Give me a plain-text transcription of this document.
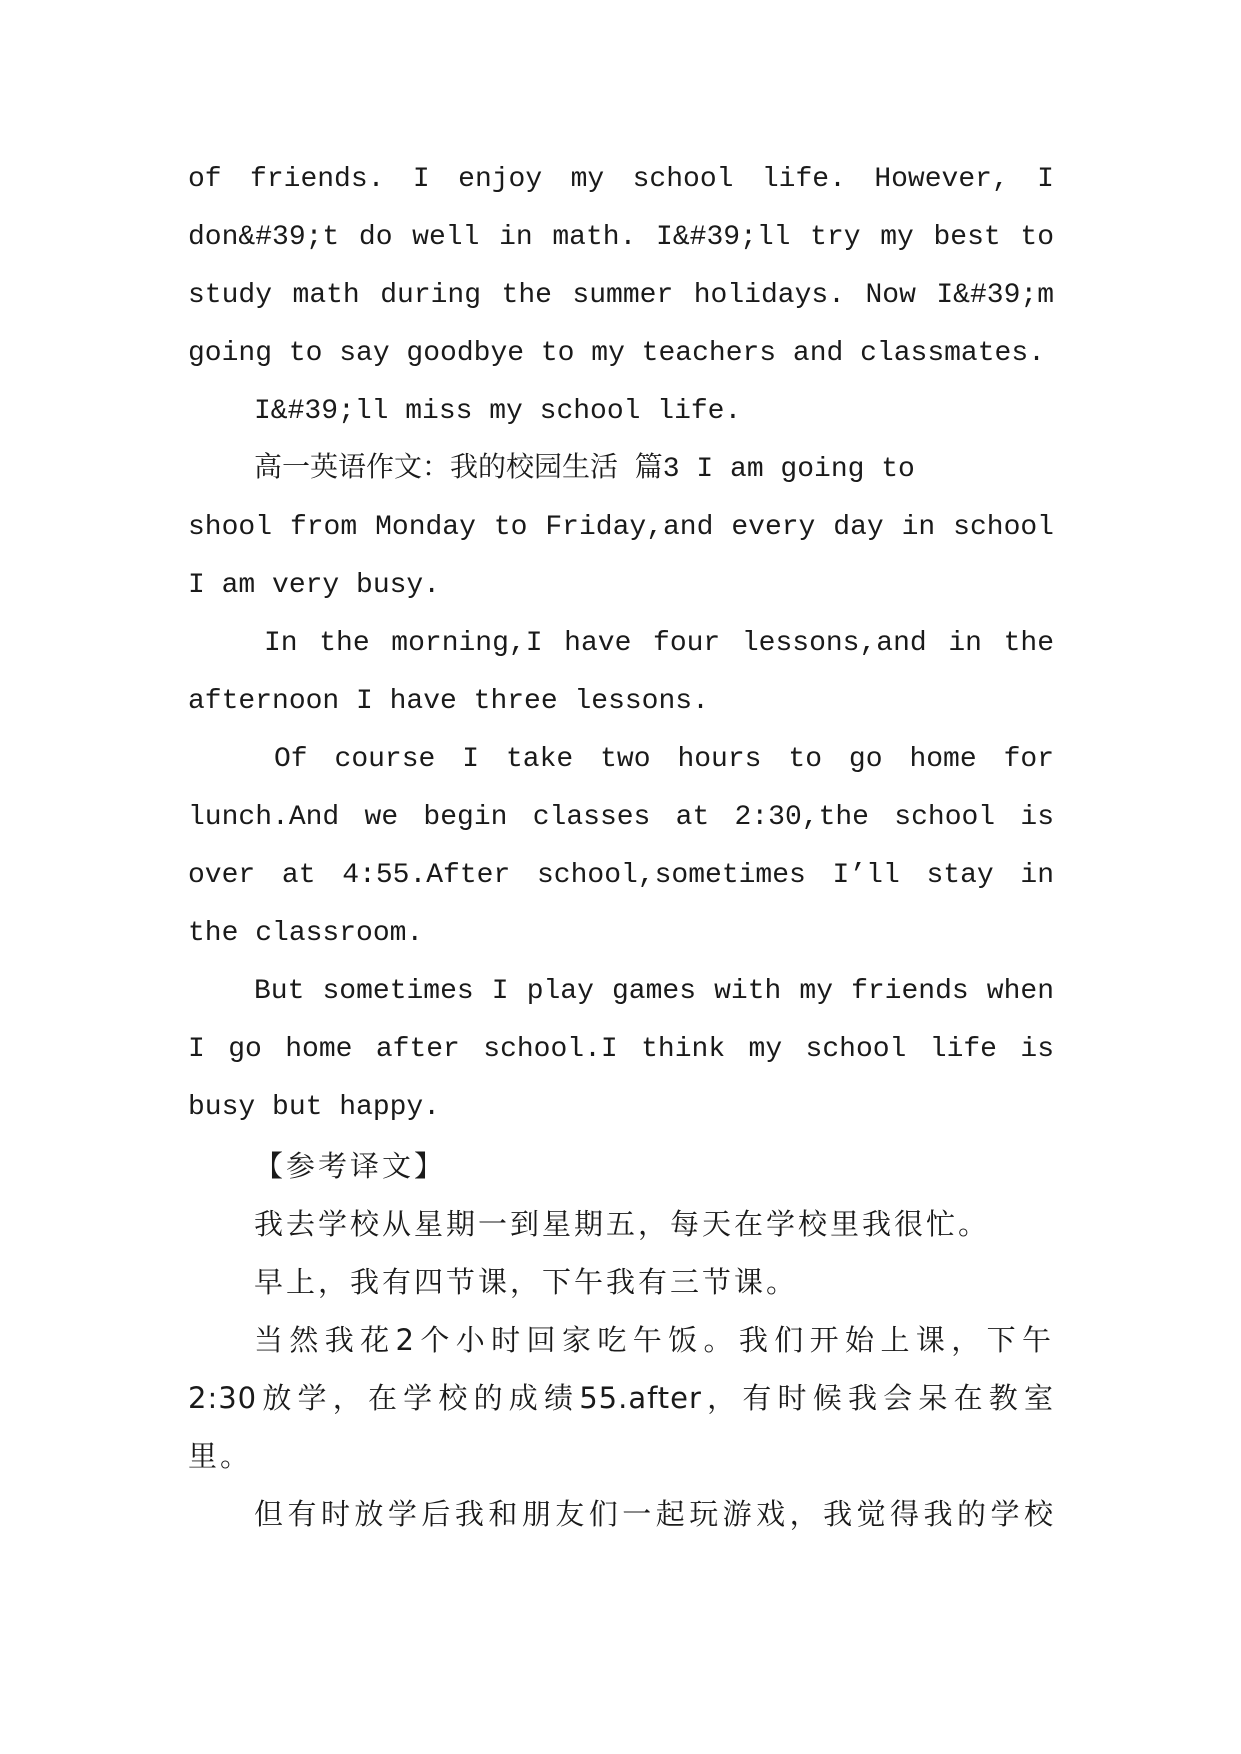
of friends. I enjoy my school life. However, I
don&#39;t do well in math. I&#39;ll try my best to
study math during the summer holidays. Now I&#39;m
going to say goodbye to my teachers and classmates.
I&#39;ll miss my school life.
高一英语作文：我的校园生活 篇3 I am going to
shool from Monday to Friday,and every day in school
I am very busy.
In the morning,I have four lessons,and in the
afternoon I have three lessons.
Of course I take two hours to go home for
lunch.And we begin classes at 2:30,the school is
over at 4:55.After school,sometimes I’ll stay in
the classroom.
But sometimes I play games with my friends when
I go home after school.I think my school life is
busy but happy.
【参考译文】
我去学校从星期一到星期五，每天在学校里我很忙。
早上，我有四节课，下午我有三节课。
当然我花2个小时回家吃午饭。我们开始上课，下午
2:30放学，在学校的成绩55.after，有时候我会呆在教室
里。
但有时放学后我和朋友们一起玩游戏，我觉得我的学校
